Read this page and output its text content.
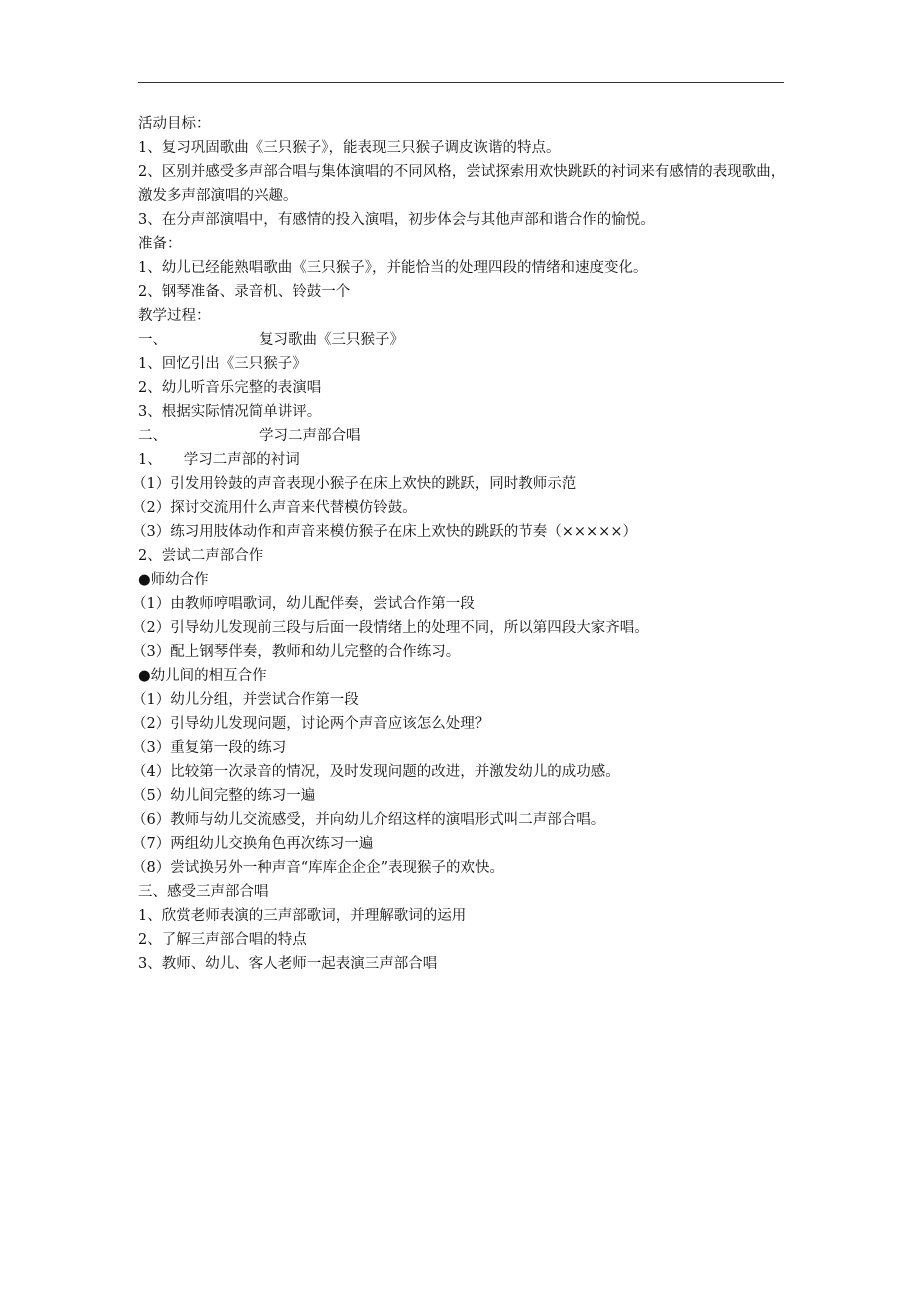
活动目标：
1、复习巩固歌曲《三只猴子》，能表现三只猴子调皮诙谐的特点。
2、区别并感受多声部合唱与集体演唱的不同风格，尝试探索用欢快跳跃的衬词来有感情的表现歌曲，激发多声部演唱的兴趣。
3、在分声部演唱中，有感情的投入演唱，初步体会与其他声部和谐合作的愉悦。
准备：
1、幼儿已经能熟唱歌曲《三只猴子》，并能恰当的处理四段的情绪和速度变化。
2、钢琴准备、录音机、铃鼓一个
教学过程：
一、	复习歌曲《三只猴子》
1、回忆引出《三只猴子》
2、幼儿听音乐完整的表演唱
3、根据实际情况简单讲评。
二、	学习二声部合唱
1、 学习二声部的衬词
（1）引发用铃鼓的声音表现小猴子在床上欢快的跳跃，同时教师示范
（2）探讨交流用什么声音来代替模仿铃鼓。
（3）练习用肢体动作和声音来模仿猴子在床上欢快的跳跃的节奏（×××××）
2、尝试二声部合作
●师幼合作
（1）由教师哼唱歌词，幼儿配伴奏，尝试合作第一段
（2）引导幼儿发现前三段与后面一段情绪上的处理不同，所以第四段大家齐唱。
（3）配上钢琴伴奏，教师和幼儿完整的合作练习。
●幼儿间的相互合作
（1）幼儿分组，并尝试合作第一段
（2）引导幼儿发现问题，讨论两个声音应该怎么处理？
（3）重复第一段的练习
（4）比较第一次录音的情况，及时发现问题的改进，并激发幼儿的成功感。
（5）幼儿间完整的练习一遍
（6）教师与幼儿交流感受，并向幼儿介绍这样的演唱形式叫二声部合唱。
（7）两组幼儿交换角色再次练习一遍
（8）尝试换另外一种声音“库库企企企”表现猴子的欢快。
三、感受三声部合唱
1、欣赏老师表演的三声部歌词，并理解歌词的运用
2、了解三声部合唱的特点
3、教师、幼儿、客人老师一起表演三声部合唱
